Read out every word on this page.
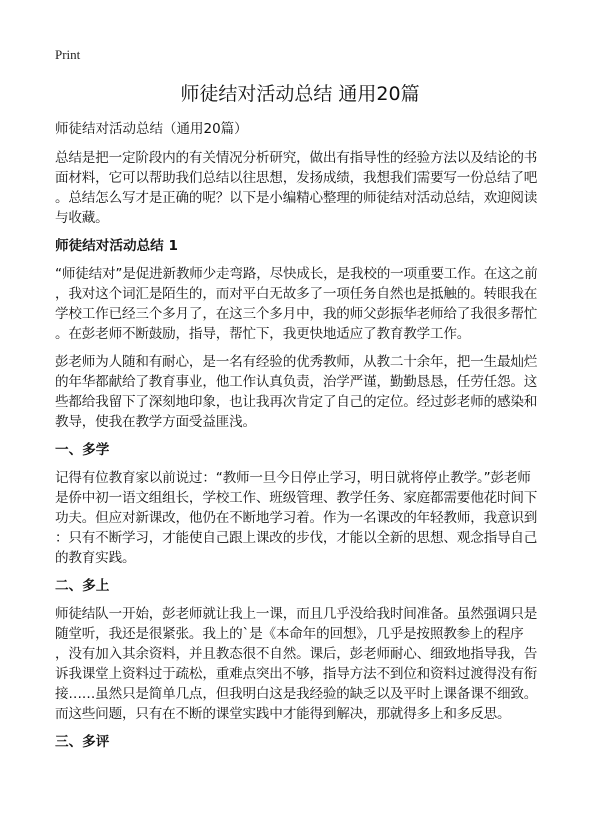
Print
师徒结对活动总结 通用20篇
师徒结对活动总结（通用20篇）
总结是把一定阶段内的有关情况分析研究，做出有指导性的经验方法以及结论的书
面材料，它可以帮助我们总结以往思想，发扬成绩，我想我们需要写一份总结了吧
。总结怎么写才是正确的呢？以下是小编精心整理的师徒结对活动总结，欢迎阅读
与收藏。
师徒结对活动总结 1
“师徒结对”是促进新教师少走弯路，尽快成长，是我校的一项重要工作。在这之前
，我对这个词汇是陌生的，而对平白无故多了一项任务自然也是抵触的。转眼我在
学校工作已经三个多月了，在这三个多月中，我的师父彭振华老师给了我很多帮忙
。在彭老师不断鼓励，指导，帮忙下，我更快地适应了教育教学工作。
彭老师为人随和有耐心，是一名有经验的优秀教师，从教二十余年，把一生最灿烂
的年华都献给了教育事业，他工作认真负责，治学严谨，勤勤恳恳，任劳任怨。这
些都给我留下了深刻地印象，也让我再次肯定了自己的定位。经过彭老师的感染和
教导，使我在教学方面受益匪浅。
一、多学
记得有位教育家以前说过：“教师一旦今日停止学习，明日就将停止教学。”彭老师
是侨中初一语文组组长，学校工作、班级管理、教学任务、家庭都需要他花时间下
功夫。但应对新课改，他仍在不断地学习着。作为一名课改的年轻教师，我意识到
：只有不断学习，才能使自己跟上课改的步伐，才能以全新的思想、观念指导自己
的教育实践。
二、多上
师徒结队一开始，彭老师就让我上一课，而且几乎没给我时间准备。虽然强调只是
随堂听，我还是很紧张。我上的`是《本命年的回想》，几乎是按照教参上的程序
，没有加入其余资料，并且教态很不自然。课后，彭老师耐心、细致地指导我，告
诉我课堂上资料过于疏松，重难点突出不够，指导方法不到位和资料过渡得没有衔
接……虽然只是简单几点，但我明白这是我经验的缺乏以及平时上课备课不细致。
而这些问题，只有在不断的课堂实践中才能得到解决，那就得多上和多反思。
三、多评
